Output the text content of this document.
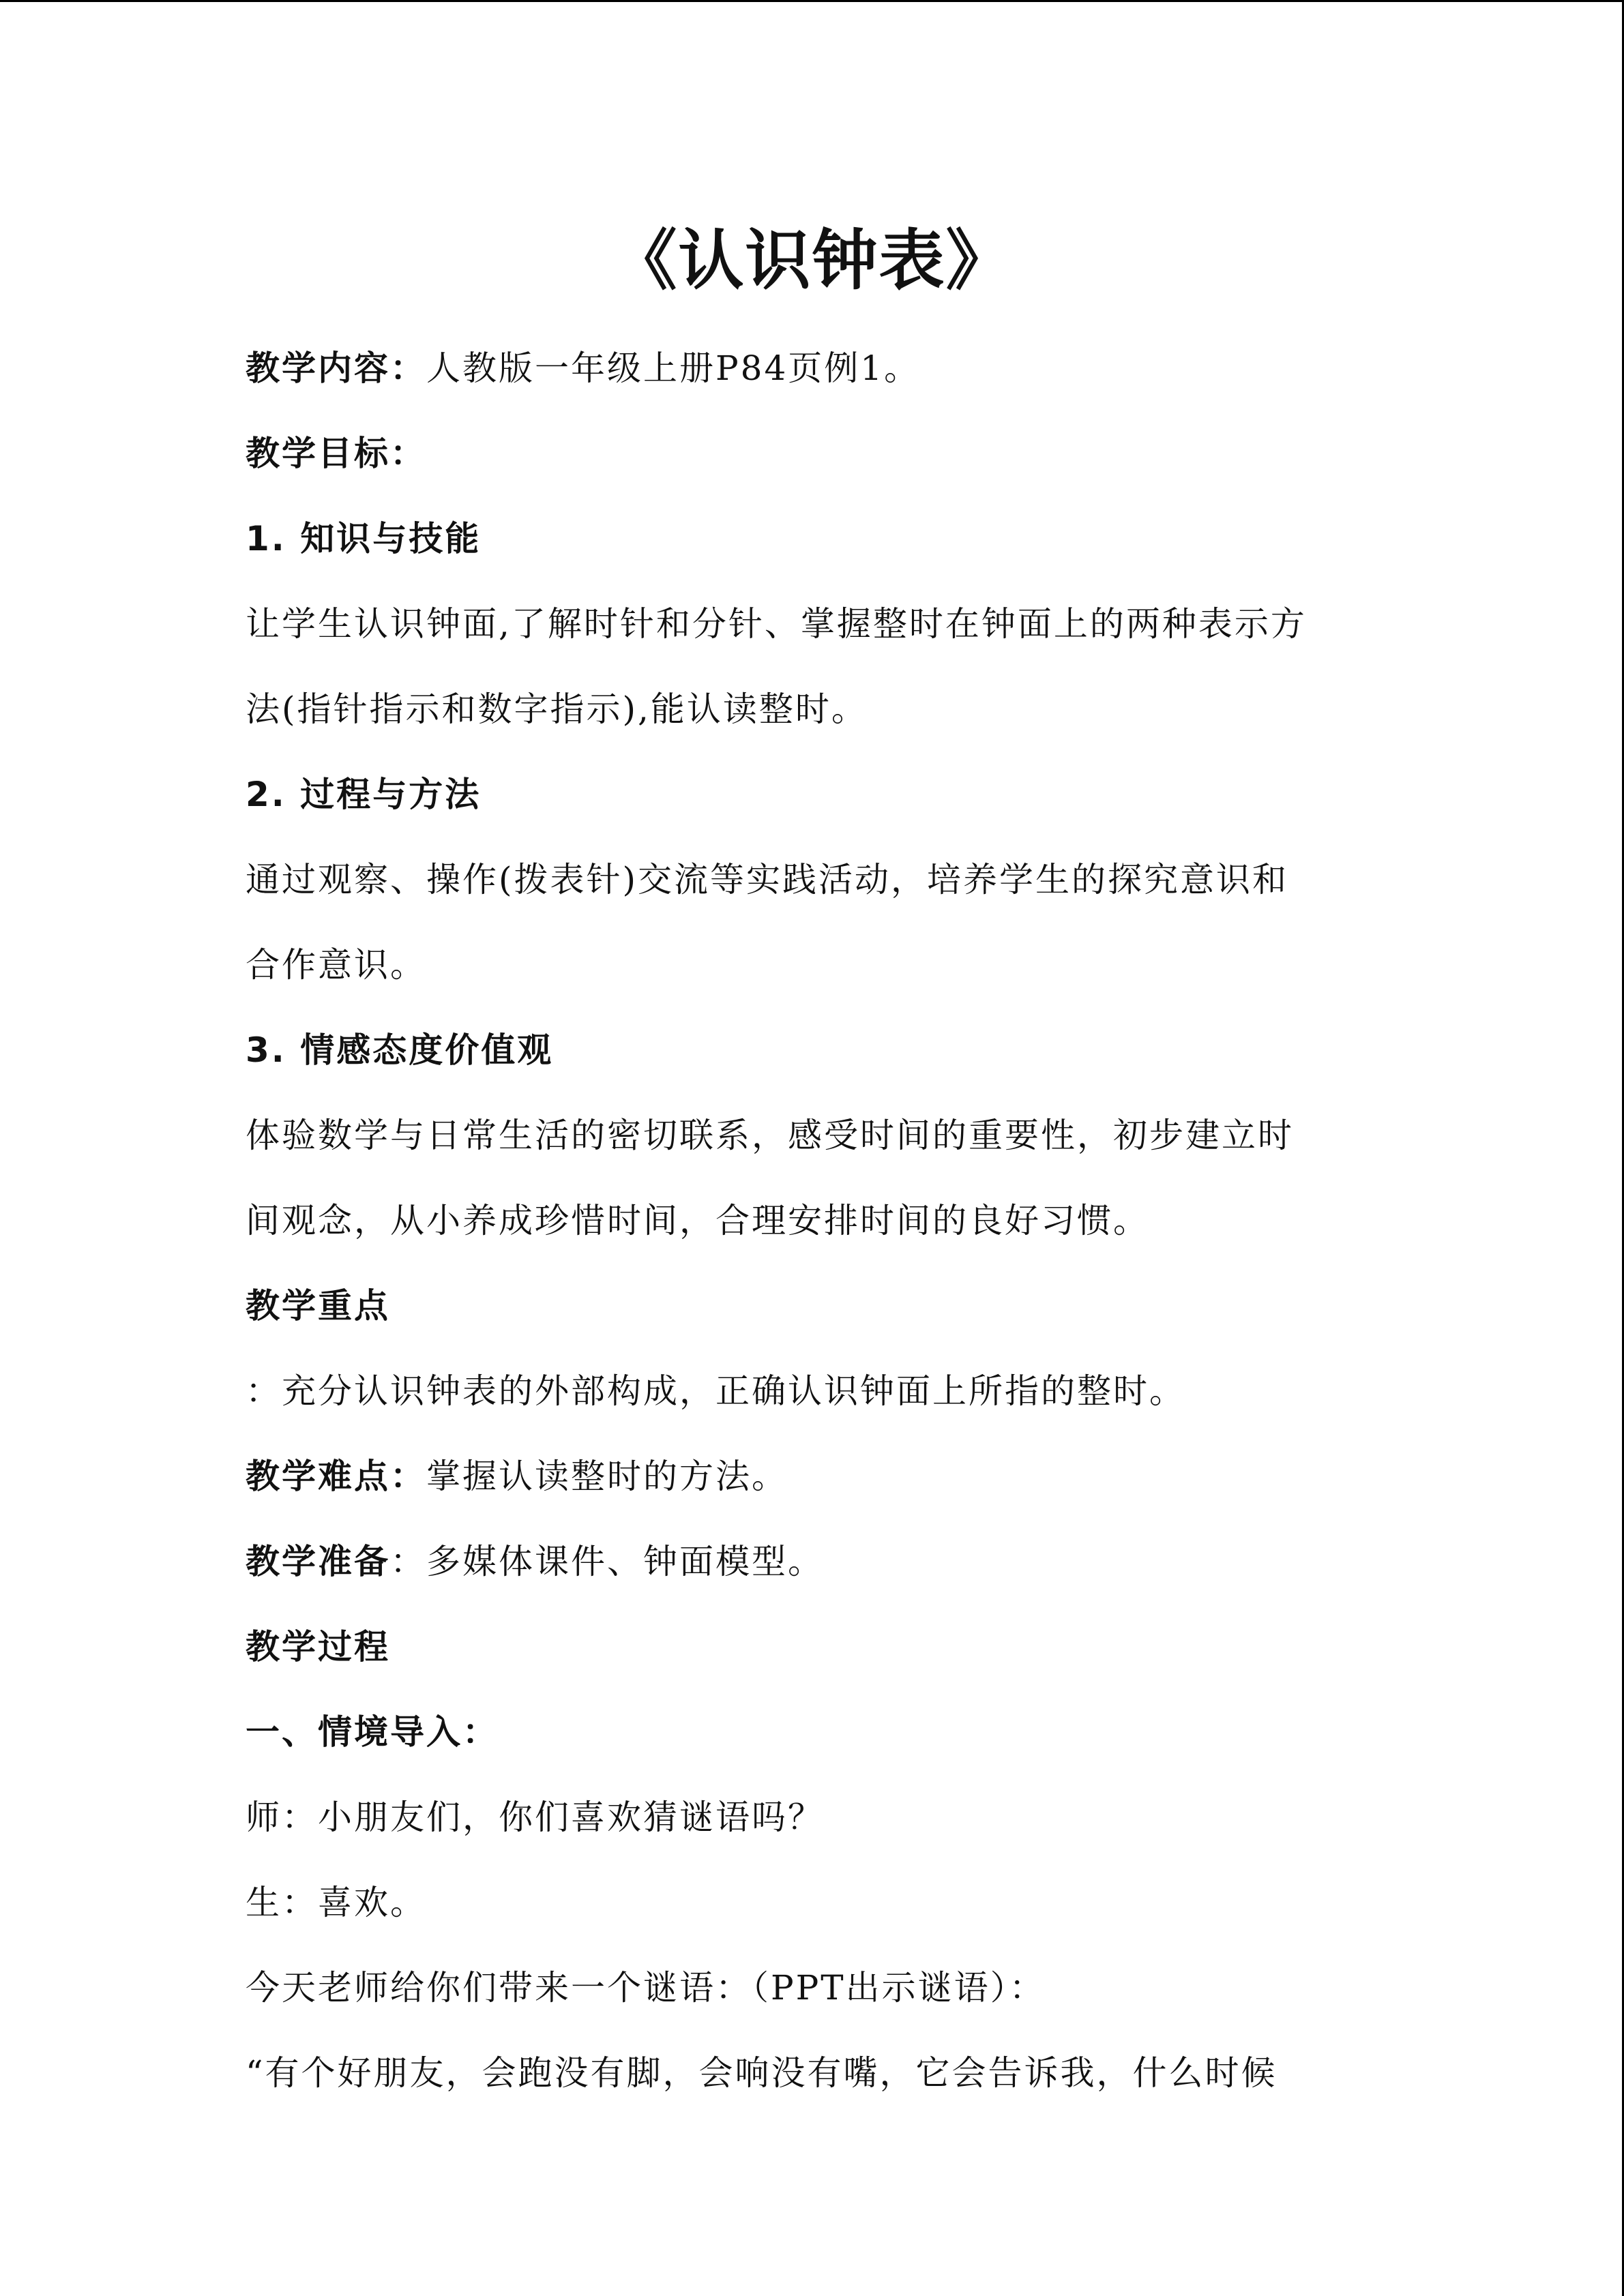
《认识钟表》
教学内容：人教版一年级上册P84页例1。
教学目标：
1. 知识与技能
让学生认识钟面,了解时针和分针、掌握整时在钟面上的两种表示方
法(指针指示和数字指示),能认读整时。
2. 过程与方法
通过观察、操作(拨表针)交流等实践活动，培养学生的探究意识和
合作意识。
3. 情感态度价值观
体验数学与日常生活的密切联系，感受时间的重要性，初步建立时
间观念，从小养成珍惜时间，合理安排时间的良好习惯。
教学重点
：充分认识钟表的外部构成，正确认识钟面上所指的整时。
教学难点：掌握认读整时的方法。
教学准备：多媒体课件、钟面模型。
教学过程
一、情境导入：
师：小朋友们，你们喜欢猜谜语吗？
生：喜欢。
今天老师给你们带来一个谜语：（PPT出示谜语）：
“有个好朋友，会跑没有脚，会响没有嘴，它会告诉我，什么时候
